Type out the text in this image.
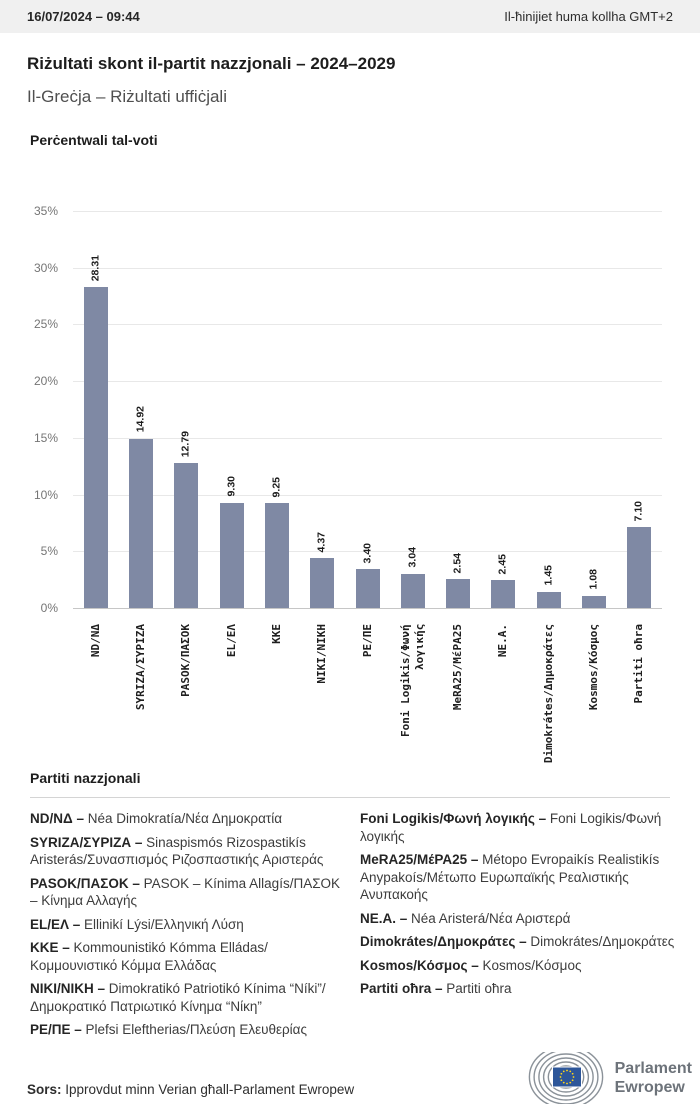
16/07/2024 – 09:44	Il-ħinijiet huma kollha GMT+2
Riżultati skont il-partit nazzjonali – 2024–2029
Il-Greċja – Riżultati uffiċjali
Perċentwali tal-voti
35%
30%
25%
20%
15%
10%
5%
0%
28.31
14.92
12.79
9.30	9.25
4.37
3.40	3.04	2.54	2.45
1.45	1.08
7.10
ND/ΝΔ	SYRIZA/ΣΥΡΙΖΑ	PASOK/ΠΑΣΟΚ	EL/ΕΛ	KKE	NIKI/ΝΙΚΗ	PE/ΠΕ Foni Logikis/Φωνή λογικής MeRA25/ΜέΡΑ25	NE.A.	Dimokrátes/Δημοκράτες	Kosmos/Κόσμος	Partiti oħra
Partiti nazzjonali
ND/ΝΔ – Néa Dimokratía/Νέα Δημοκρατία
SYRIZA/ΣΥΡΙΖΑ – Sinaspismós Rizospastikís Aristerás/Συνασπισμός Ριζοσπαστικής Αριστεράς
PASOK/ΠΑΣΟΚ – PASOK – Kínima Allagís/ΠΑΣΟΚ – Κίνημα Αλλαγής
EL/ΕΛ – Ellinikí Lýsi/Ελληνική Λύση
KKE – Kommounistikó Kómma Elládas/Κομμουνιστικό Κόμμα Ελλάδας
NIKI/ΝΙΚΗ – Dimokratikó Patriotikó Kínima “Níki”/Δημοκρατικό Πατριωτικό Κίνημα “Νίκη”
PE/ΠΕ – Plefsi Eleftherias/Πλεύση Ελευθερίας
Foni Logikis/Φωνή λογικής – Foni Logikis/Φωνή λογικής
MeRA25/ΜέΡΑ25 – Métopo Evropaikís Realistikís Anypakoís/Μέτωπο Ευρωπαϊκής Ρεαλιστικής Ανυπακοής
NE.A. – Néa Aristerá/Νέα Αριστερά
Dimokrátes/Δημοκράτες – Dimokrátes/Δημοκράτες
Kosmos/Κόσμος – Kosmos/Κόσμος
Partiti oħra – Partiti oħra
Sors: Ipprovdut minn Verian għall-Parlament Ewropew
Parlament
Ewropew
